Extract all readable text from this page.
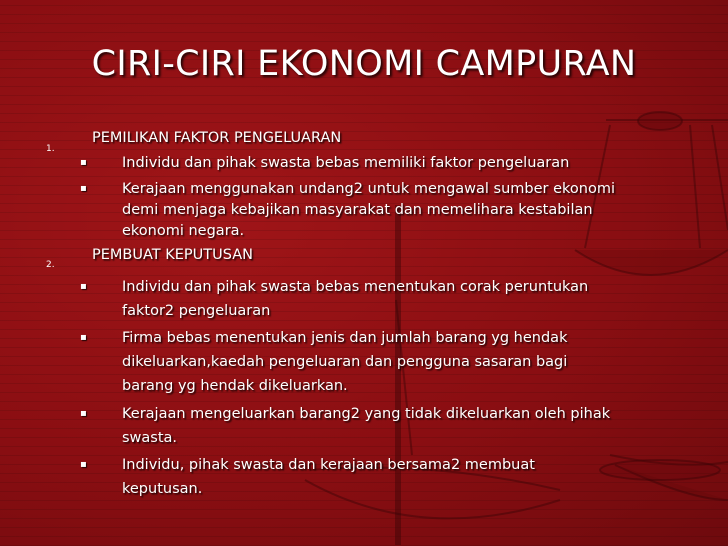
CIRI-CIRI EKONOMI CAMPURAN
1.
PEMILIKAN FAKTOR PENGELUARAN
▪ Individu dan pihak swasta bebas memiliki faktor pengeluaran
▪ Kerajaan menggunakan undang2 untuk mengawal sumber ekonomi demi menjaga kebajikan masyarakat dan memelihara kestabilan ekonomi negara.
2.
PEMBUAT KEPUTUSAN
▪ Individu dan pihak swasta bebas menentukan corak peruntukan faktor2 pengeluaran
▪ Firma bebas menentukan jenis dan jumlah barang yg hendak dikeluarkan,kaedah pengeluaran dan pengguna sasaran bagi barang yg hendak dikeluarkan.
▪ Kerajaan mengeluarkan barang2 yang tidak dikeluarkan oleh pihak swasta.
▪ Individu, pihak swasta dan kerajaan bersama2 membuat keputusan.
